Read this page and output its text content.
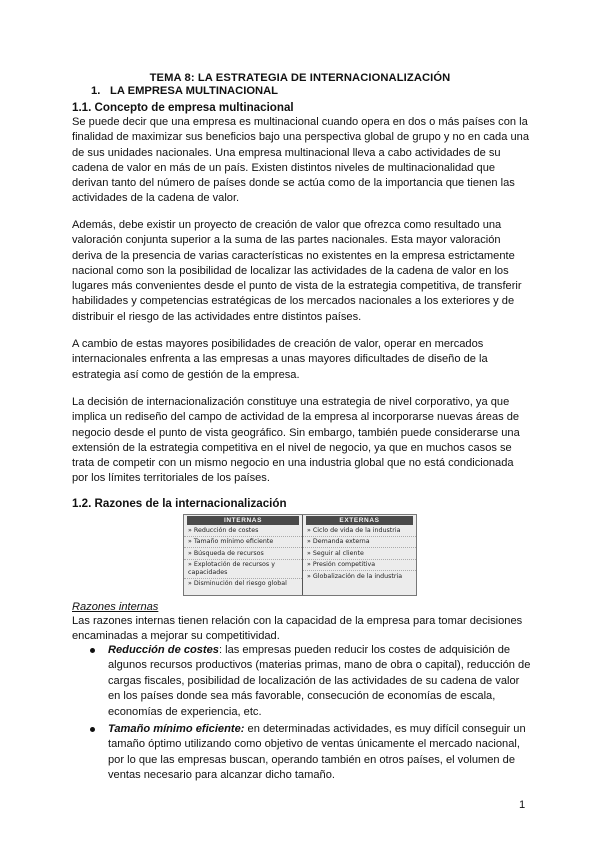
TEMA 8: LA ESTRATEGIA DE INTERNACIONALIZACIÓN
1. LA EMPRESA MULTINACIONAL
1.1. Concepto de empresa multinacional

Se puede decir que una empresa es multinacional cuando opera en dos o más países con la finalidad de maximizar sus beneficios bajo una perspectiva global de grupo y no en cada una de sus unidades nacionales. Una empresa multinacional lleva a cabo actividades de su cadena de valor en más de un país. Existen distintos niveles de multinacionalidad que derivan tanto del número de países donde se actúa como de la importancia que tienen las actividades de la cadena de valor.

Además, debe existir un proyecto de creación de valor que ofrezca como resultado una valoración conjunta superior a la suma de las partes nacionales. Esta mayor valoración deriva de la presencia de varias características no existentes en la empresa estrictamente nacional como son la posibilidad de localizar las actividades de la cadena de valor en los lugares más convenientes desde el punto de vista de la estrategia competitiva, de transferir habilidades y competencias estratégicas de los mercados nacionales a los exteriores y de distribuir el riesgo de las actividades entre distintos países.

A cambio de estas mayores posibilidades de creación de valor, operar en mercados internacionales enfrenta a las empresas a unas mayores dificultades de diseño de la estrategia así como de gestión de la empresa.

La decisión de internacionalización constituye una estrategia de nivel corporativo, ya que implica un rediseño del campo de actividad de la empresa al incorporarse nuevas áreas de negocio desde el punto de vista geográfico. Sin embargo, también puede considerarse una extensión de la estrategia competitiva en el nivel de negocio, ya que en muchos casos se trata de competir con un mismo negocio en una industria global que no está condicionada por los límites territoriales de los países.

1.2. Razones de la internacionalización
INTERNAS
» Reducción de costes
» Tamaño mínimo eficiente
» Búsqueda de recursos
» Explotación de recursos y capacidades
» Disminución del riesgo global
EXTERNAS
» Ciclo de vida de la industria
» Demanda externa
» Seguir al cliente
» Presión competitiva
» Globalización de la industria
Razones internas

Las razones internas tienen relación con la capacidad de la empresa para tomar decisiones encaminadas a mejorar su competitividad.

Reducción de costes: las empresas pueden reducir los costes de adquisición de algunos recursos productivos (materias primas, mano de obra o capital), reducción de cargas fiscales, posibilidad de localización de las actividades de su cadena de valor en los países donde sea más favorable, consecución de economías de escala, economías de experiencia, etc.
Tamaño mínimo eficiente: en determinadas actividades, es muy difícil conseguir un tamaño óptimo utilizando como objetivo de ventas únicamente el mercado nacional, por lo que las empresas buscan, operando también en otros países, el volumen de ventas necesario para alcanzar dicho tamaño.
1
